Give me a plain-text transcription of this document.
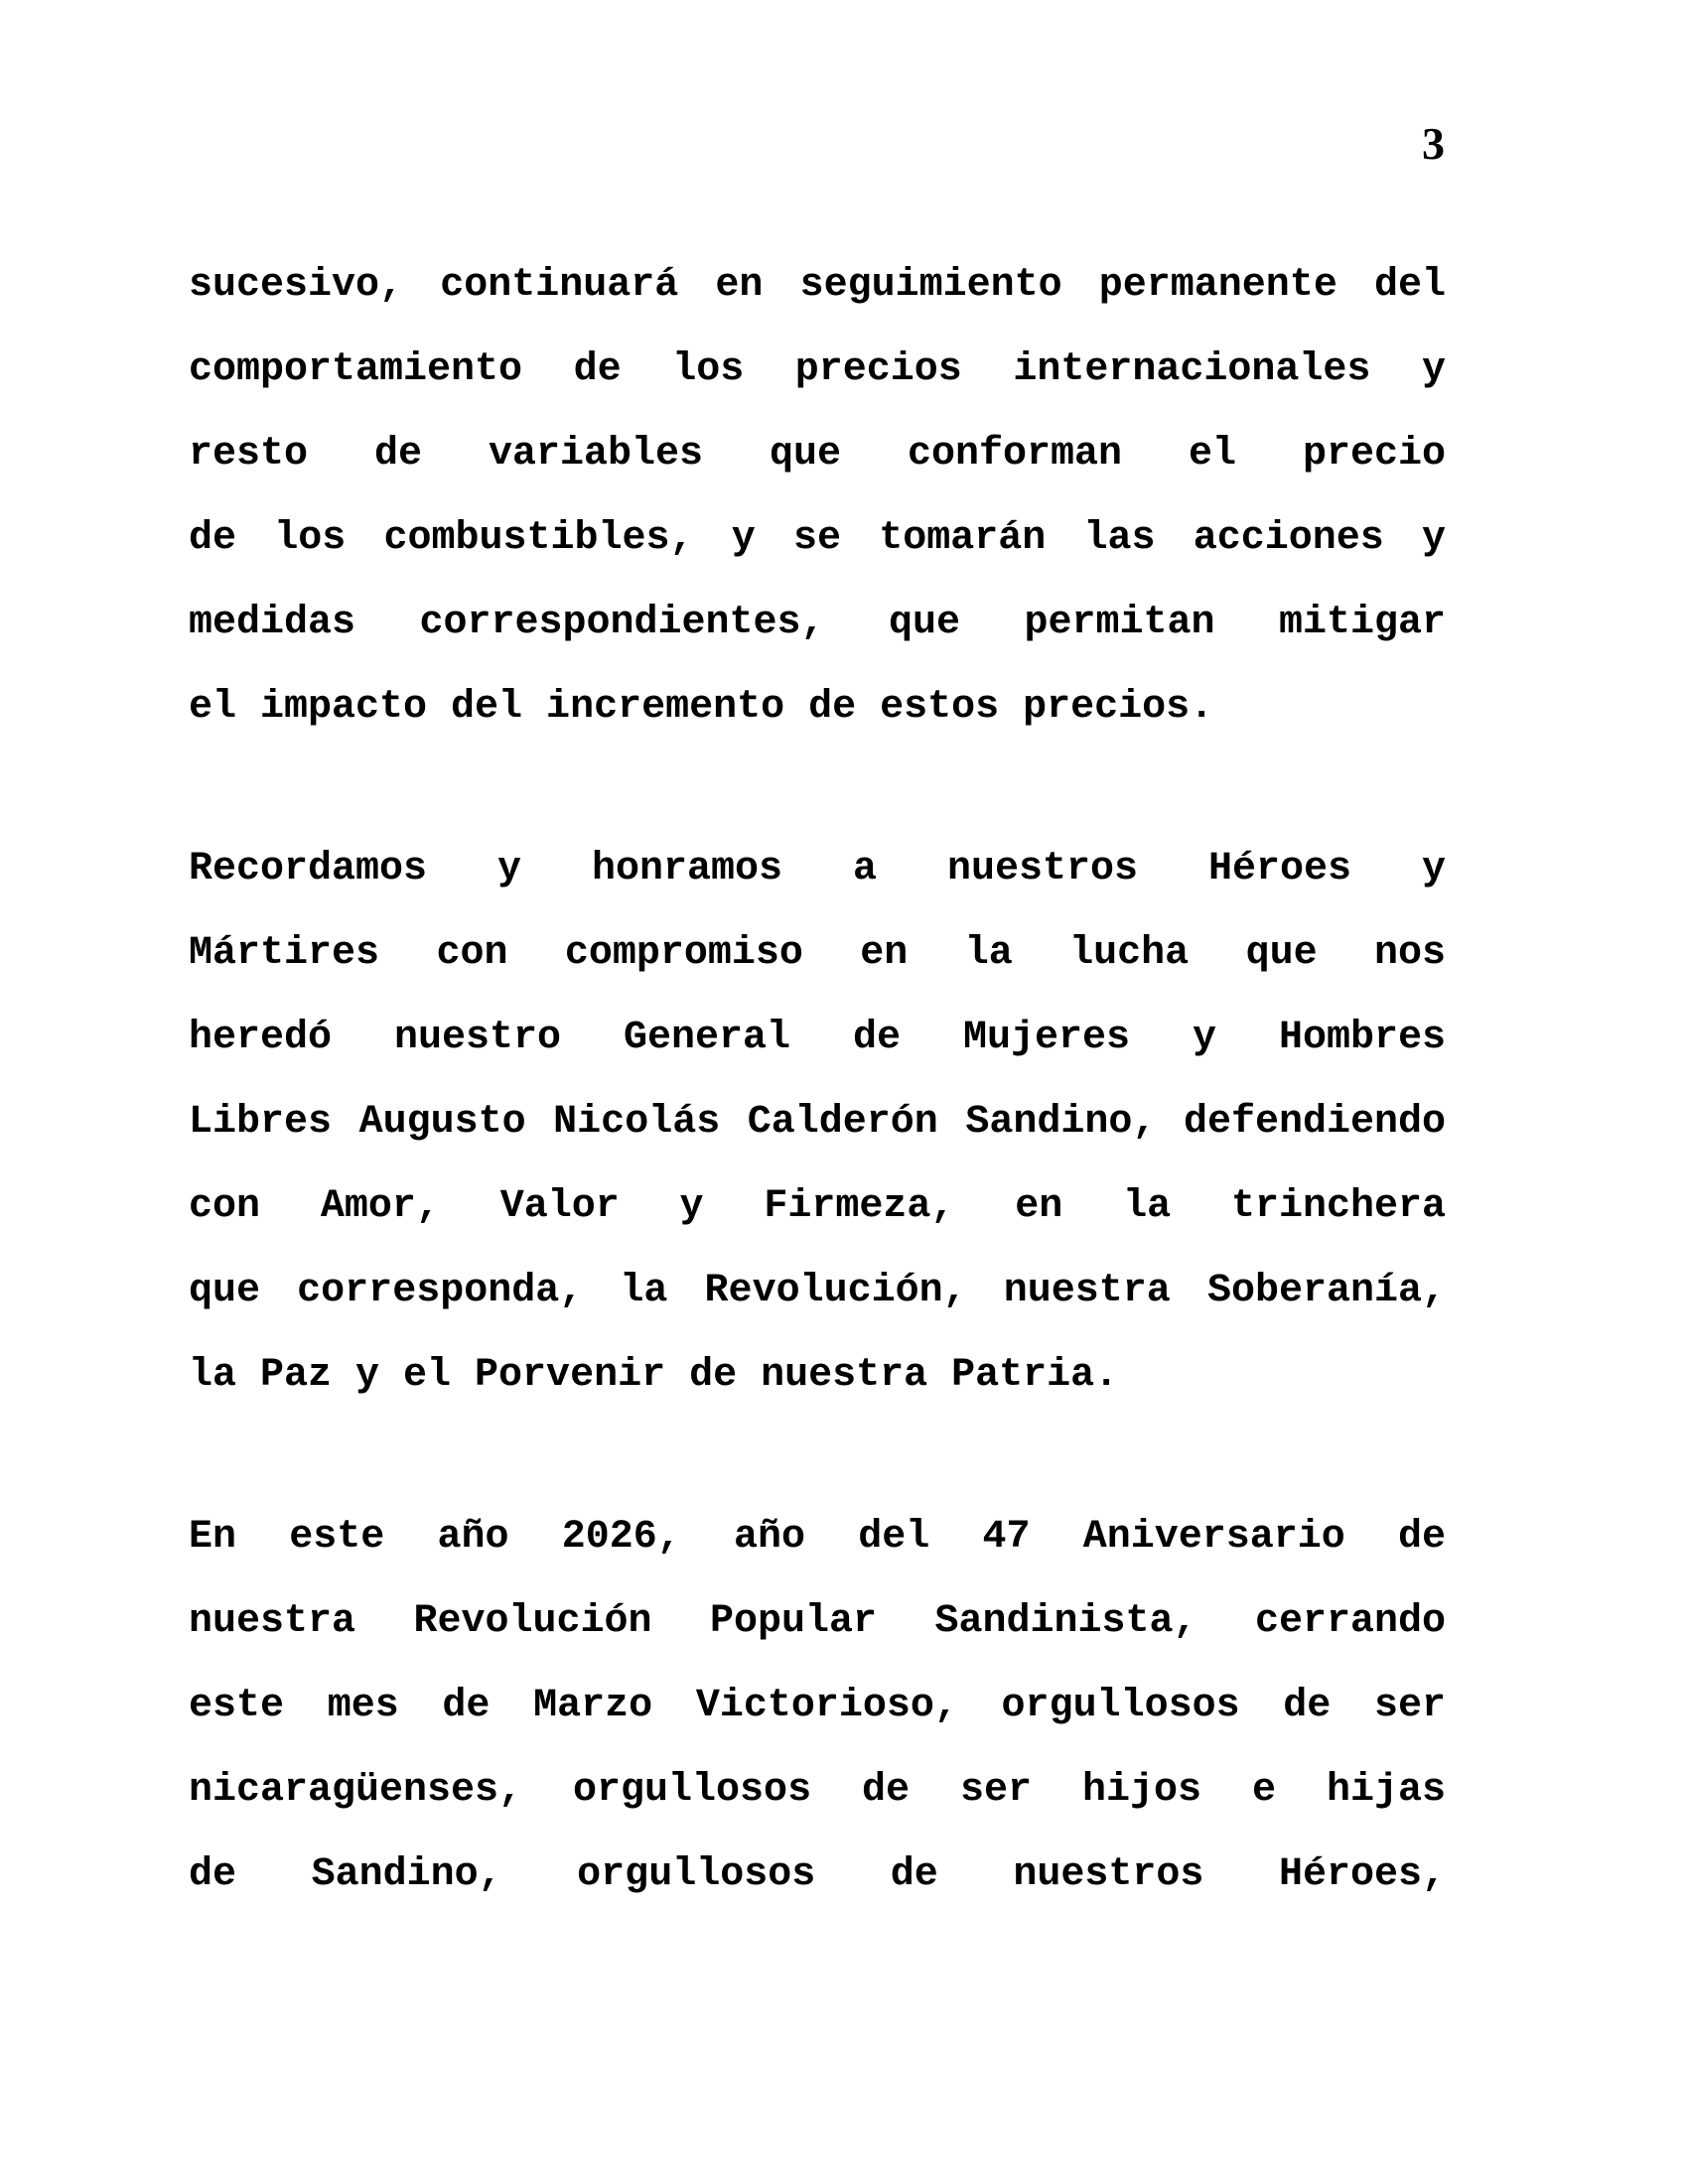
3
sucesivo, continuará en seguimiento permanente del
comportamiento de los precios internacionales y
resto de variables que conforman el precio
de los combustibles, y se tomarán las acciones y
medidas correspondientes, que permitan mitigar
el impacto del incremento de estos precios.
Recordamos y honramos a nuestros Héroes y
Mártires con compromiso en la lucha que nos
heredó nuestro General de Mujeres y Hombres
Libres Augusto Nicolás Calderón Sandino, defendiendo
con Amor, Valor y Firmeza, en la trinchera
que corresponda, la Revolución, nuestra Soberanía,
la Paz y el Porvenir de nuestra Patria.
En este año 2026, año del 47 Aniversario de
nuestra Revolución Popular Sandinista, cerrando
este mes de Marzo Victorioso, orgullosos de ser
nicaragüenses, orgullosos de ser hijos e hijas
de Sandino, orgullosos de nuestros Héroes,
